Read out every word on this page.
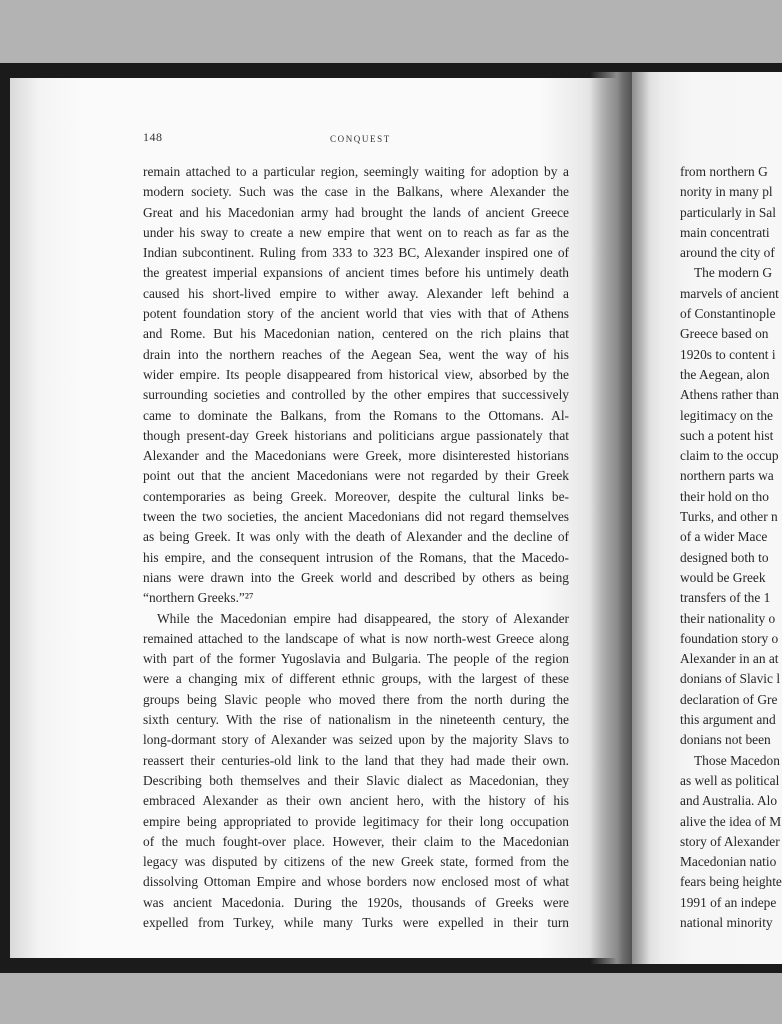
148	CONQUEST
remain attached to a particular region, seemingly waiting for adoption by a
modern society. Such was the case in the Balkans, where Alexander the
Great and his Macedonian army had brought the lands of ancient Greece
under his sway to create a new empire that went on to reach as far as the
Indian subcontinent. Ruling from 333 to 323 BC, Alexander inspired one of
the greatest imperial expansions of ancient times before his untimely death
caused his short-lived empire to wither away. Alexander left behind a
potent foundation story of the ancient world that vies with that of Athens
and Rome. But his Macedonian nation, centered on the rich plains that
drain into the northern reaches of the Aegean Sea, went the way of his
wider empire. Its people disappeared from historical view, absorbed by the
surrounding societies and controlled by the other empires that successively
came to dominate the Balkans, from the Romans to the Ottomans. Al-
though present-day Greek historians and politicians argue passionately that
Alexander and the Macedonians were Greek, more disinterested historians
point out that the ancient Macedonians were not regarded by their Greek
contemporaries as being Greek. Moreover, despite the cultural links be-
tween the two societies, the ancient Macedonians did not regard themselves
as being Greek. It was only with the death of Alexander and the decline of
his empire, and the consequent intrusion of the Romans, that the Macedo-
nians were drawn into the Greek world and described by others as being
“northern Greeks.”²⁷
While the Macedonian empire had disappeared, the story of Alexander
remained attached to the landscape of what is now north-west Greece along
with part of the former Yugoslavia and Bulgaria. The people of the region
were a changing mix of different ethnic groups, with the largest of these
groups being Slavic people who moved there from the north during the
sixth century. With the rise of nationalism in the nineteenth century, the
long-dormant story of Alexander was seized upon by the majority Slavs to
reassert their centuries-old link to the land that they had made their own.
Describing both themselves and their Slavic dialect as Macedonian, they
embraced Alexander as their own ancient hero, with the history of his
empire being appropriated to provide legitimacy for their long occupation
of the much fought-over place. However, their claim to the Macedonian
legacy was disputed by citizens of the new Greek state, formed from the
dissolving Ottoman Empire and whose borders now enclosed most of what
was ancient Macedonia. During the 1920s, thousands of Greeks were
expelled from Turkey, while many Turks were expelled in their turn
from northern G
nority in many pl
particularly in Sal
main concentrati
around the city of
The modern G
marvels of ancient
of Constantinople
Greece based on
1920s to content i
the Aegean, alon
Athens rather than
legitimacy on the
such a potent hist
claim to the occup
northern parts wa
their hold on tho
Turks, and other n
of a wider Mace
designed both to
would be Greek
transfers of the 1
their nationality o
foundation story o
Alexander in an at
donians of Slavic l
declaration of Gre
this argument and
donians not been
Those Macedon
as well as political
and Australia. Alo
alive the idea of M
story of Alexander
Macedonian natio
fears being heighte
1991 of an indepe
national minority
